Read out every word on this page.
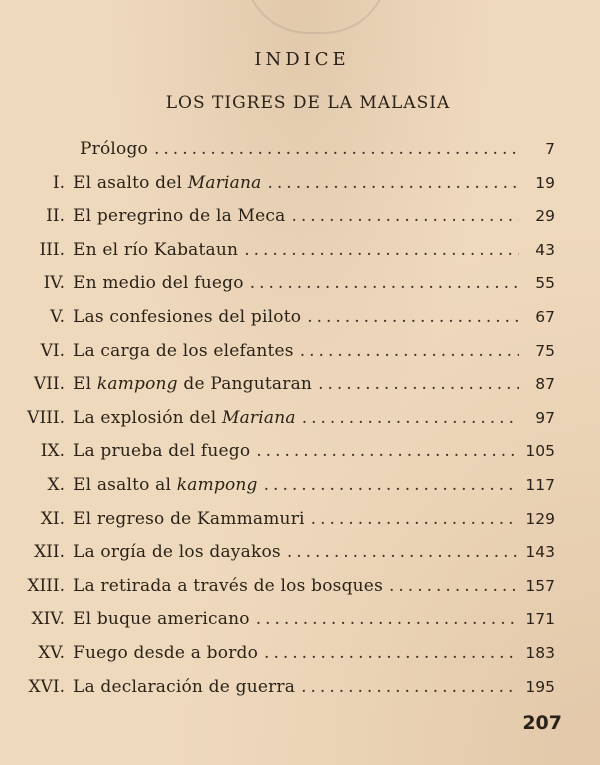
INDICE
LOS TIGRES DE LA MALASIA
Prólogo .....	7
I. El asalto del Mariana .....	19
II. El peregrino de la Meca .....	29
III. En el río Kabataun .....	43
IV. En medio del fuego .....	55
V. Las confesiones del piloto .....	67
VI. La carga de los elefantes .....	75
VII. El kampong de Pangutaran .....	87
VIII. La explosión del Mariana .....	97
IX. La prueba del fuego .....	105
X. El asalto al kampong .....	117
XI. El regreso de Kammamuri .....	129
XII. La orgía de los dayakos .....	143
XIII. La retirada a través de los bosques .....	157
XIV. El buque americano .....	171
XV. Fuego desde a bordo .....	183
XVI. La declaración de guerra .....	195
207
